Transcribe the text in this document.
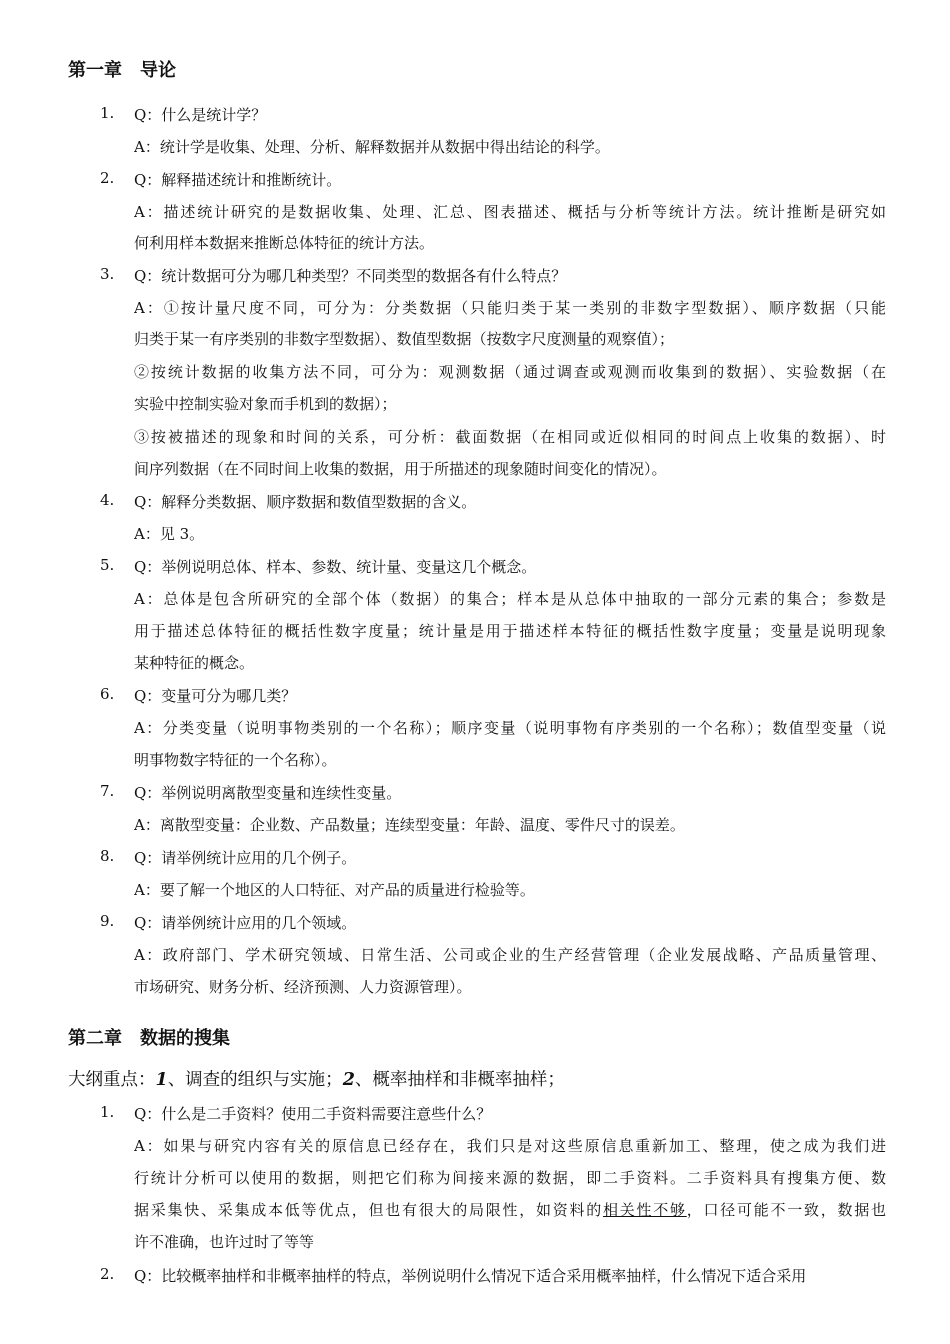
第一章　导论
1. Q：什么是统计学？
A：统计学是收集、处理、分析、解释数据并从数据中得出结论的科学。
2. Q：解释描述统计和推断统计。
A：描述统计研究的是数据收集、处理、汇总、图表描述、概括与分析等统计方法。统计推断是研究如
何利用样本数据来推断总体特征的统计方法。
3. Q：统计数据可分为哪几种类型？不同类型的数据各有什么特点？
A：①按计量尺度不同，可分为：分类数据（只能归类于某一类别的非数字型数据）、顺序数据（只能
归类于某一有序类别的非数字型数据）、数值型数据（按数字尺度测量的观察值）；
②按统计数据的收集方法不同，可分为：观测数据（通过调查或观测而收集到的数据）、实验数据（在
实验中控制实验对象而手机到的数据）；
③按被描述的现象和时间的关系，可分析：截面数据（在相同或近似相同的时间点上收集的数据）、时
间序列数据（在不同时间上收集的数据，用于所描述的现象随时间变化的情况）。
4. Q：解释分类数据、顺序数据和数值型数据的含义。
A：见 3。
5. Q：举例说明总体、样本、参数、统计量、变量这几个概念。
A：总体是包含所研究的全部个体（数据）的集合；样本是从总体中抽取的一部分元素的集合；参数是
用于描述总体特征的概括性数字度量；统计量是用于描述样本特征的概括性数字度量；变量是说明现象
某种特征的概念。
6. Q：变量可分为哪几类？
A：分类变量（说明事物类别的一个名称）；顺序变量（说明事物有序类别的一个名称）；数值型变量（说
明事物数字特征的一个名称）。
7. Q：举例说明离散型变量和连续性变量。
A：离散型变量：企业数、产品数量；连续型变量：年龄、温度、零件尺寸的误差。
8. Q：请举例统计应用的几个例子。
A：要了解一个地区的人口特征、对产品的质量进行检验等。
9. Q：请举例统计应用的几个领域。
A：政府部门、学术研究领域、日常生活、公司或企业的生产经营管理（企业发展战略、产品质量管理、
市场研究、财务分析、经济预测、人力资源管理）。
第二章　数据的搜集
大纲重点：1、调查的组织与实施；2、概率抽样和非概率抽样；
1. Q：什么是二手资料？使用二手资料需要注意些什么？
A：如果与研究内容有关的原信息已经存在，我们只是对这些原信息重新加工、整理，使之成为我们进
行统计分析可以使用的数据，则把它们称为间接来源的数据，即二手资料。二手资料具有搜集方便、数
据采集快、采集成本低等优点，但也有很大的局限性，如资料的相关性不够，口径可能不一致，数据也
许不准确，也许过时了等等
2. Q：比较概率抽样和非概率抽样的特点，举例说明什么情况下适合采用概率抽样，什么情况下适合采用
